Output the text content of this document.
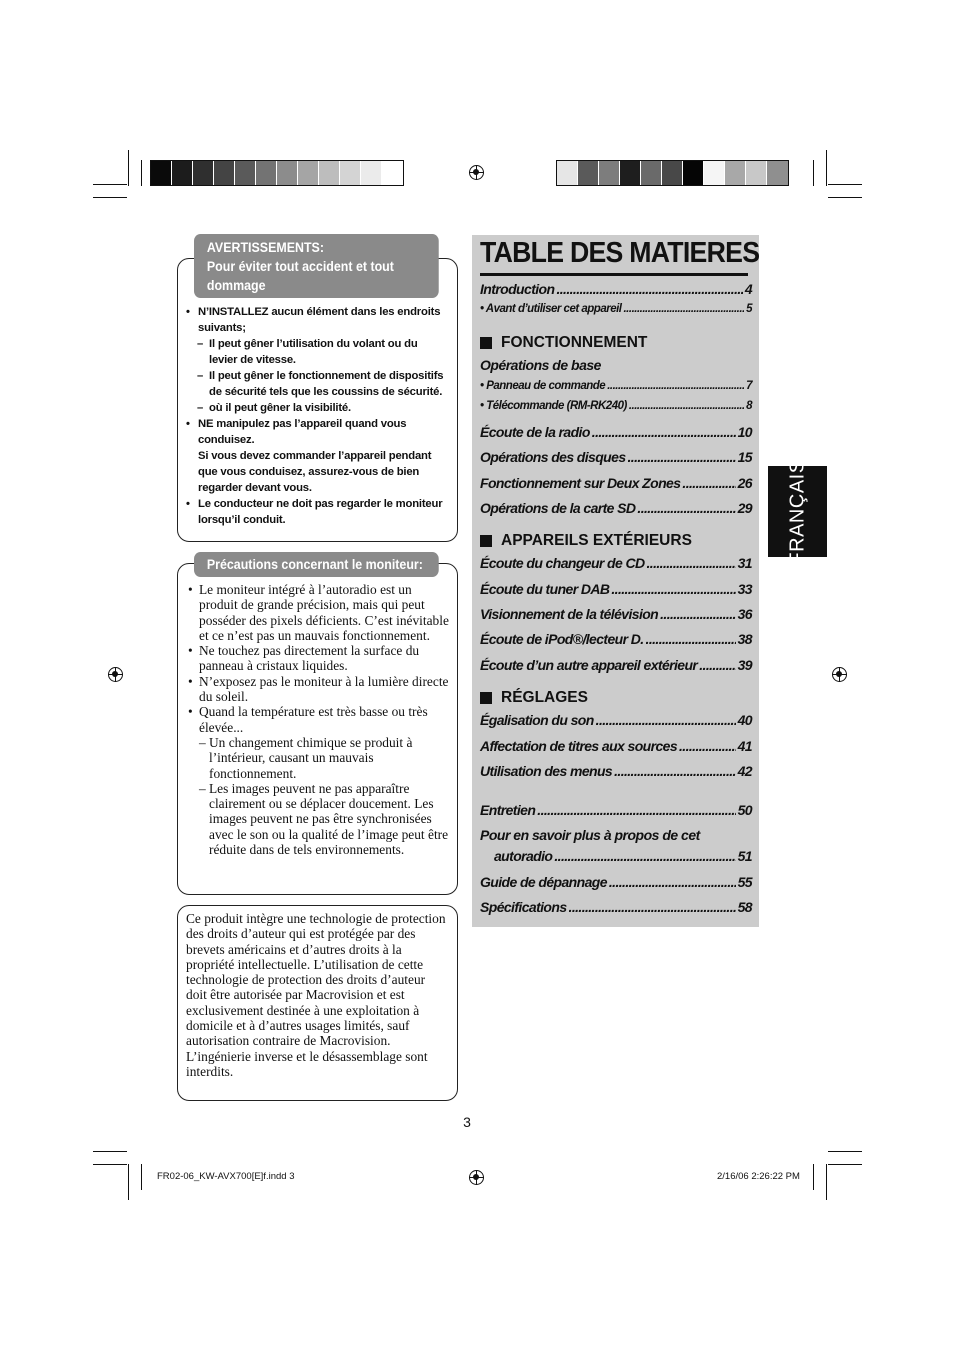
AVERTISSEMENTS:
Pour éviter tout accident et tout dommage
• N’INSTALLEZ aucun élément dans les endroits suivants;
– Il peut gêner l’utilisation du volant ou du levier de vitesse.
– Il peut gêner le fonctionnement de dispositifs de sécurité tels que les coussins de sécurité.
– où il peut gêner la visibilité.
• NE manipulez pas l’appareil quand vous conduisez.
Si vous devez commander l’appareil pendant que vous conduisez, assurez-vous de bien regarder devant vous.
• Le conducteur ne doit pas regarder le moniteur lorsqu’il conduit.
Précautions concernant le moniteur:
• Le moniteur intégré à l’autoradio est un produit de grande précision, mais qui peut posséder des pixels déficients. C’est inévitable et ce n’est pas un mauvais fonctionnement.
• Ne touchez pas directement la surface du panneau à cristaux liquides.
• N’exposez pas le moniteur à la lumière directe du soleil.
• Quand la température est très basse ou très élevée...
– Un changement chimique se produit à l’intérieur, causant un mauvais fonctionnement.
– Les images peuvent ne pas apparaître clairement ou se déplacer doucement. Les images peuvent ne pas être synchronisées avec le son ou la qualité de l’image peut être réduite dans de tels environnements.
Ce produit intègre une technologie de protection des droits d’auteur qui est protégée par des brevets américains et d’autres droits à la propriété intellectuelle. L’utilisation de cette technologie de protection des droits d’auteur doit être autorisée par Macrovision et est exclusivement destinée à une exploitation à domicile et à d’autres usages limités, sauf autorisation contraire de Macrovision. L’ingénierie inverse et le désassemblage sont interdits.
TABLE DES MATIERES
Introduction .....	4
• Avant d’utiliser cet appareil .....	5
FONCTIONNEMENT
Opérations de base
• Panneau de commande .....	7
• Télécommande (RM-RK240) .....	8
Écoute de la radio .....	10
Opérations des disques .....	15
Fonctionnement sur Deux Zones .....	26
Opérations de la carte SD .....	29
APPAREILS EXTÉRIEURS
Écoute du changeur de CD .....	31
Écoute du tuner DAB .....	33
Visionnement de la télévision .....	36
Écoute de iPod®/lecteur D. .....	38
Écoute d’un autre appareil extérieur .....	39
RÉGLAGES
Égalisation du son .....	40
Affectation de titres aux sources .....	41
Utilisation des menus .....	42
Entretien .....	50
Pour en savoir plus à propos de cet
autoradio .....	51
Guide de dépannage .....	55
Spécifications .....	58
FRANÇAIS
3
FR02-06_KW-AVX700[E]f.indd 3	2/16/06 2:26:22 PM
